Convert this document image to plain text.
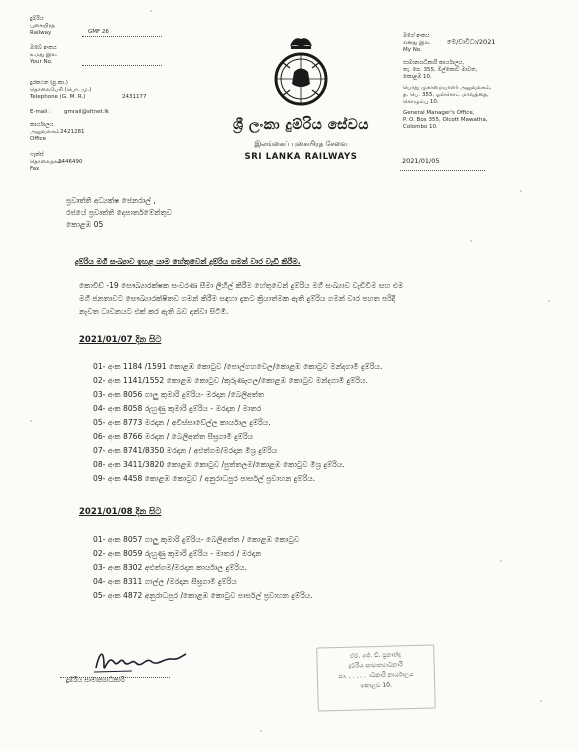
දුම්රිය
புகையிரத
Railway	GMF 26
ඔබේ අංකය
உமது இல.
Your No.
දුරකථන (පු.කා.)
தொலைபேசி (பொ. மு.)
Telephone (G. M. R.)	2431177
E-mail : gmrail@sltnet.lk
කාර්යාලය
அலுவலகம்
Office
2421281
ෆැක්ස්
தொலைநகல்
Fax
2446490
ශ්‍රී ලංකා දුම්රිය සේවය
இலங்கைப் புகையிரத சேவை
SRI LANKA RAILWAYS
මගේ අංකය
எனது இல.
My No.
මෙ/වාවිධා/2021
සාමාන්‍යාධිකාරි කාර්යාලය,
තැ. පෙ. 355, ඕල්කොට් මාවත,
කොළඹ 10.
பொது முகாமையாளர் அலுவலகம்,
த. பெ. 355, ஓல்கொட் மாவத்தை,
கொழும்பு 10.
General Manager's Office,
P. O. Box 355, Olcott Mawatha,
Colombo 10.
2021/01/05
ප්‍රවෘත්ති අධ්‍යක්ෂ ජෙනරාල් ,
රජයේ ප්‍රවෘත්ති දෙපාර්තමේන්තුව
කොළඹ 05
දුම්රිය මගී සංඛ්‍යාව ඉහළ යාම හේතුවෙන් දුම්රිය ගමන් වාර වැඩි කිරීම.
කොවිඩ් -19 සෞඛ්‍යාරක්ෂක සංවරණ සීමා ලිහිල් කිරීම හේතුවෙන් දුම්රිය මගී සංඛ්‍යාව වැඩිවීම සහ එම
මගී ජනතාවට සෞඛ්‍යාරක්ෂිතව ගමන් කිරීම සඳහා දැනට ක්‍රියාත්මක ඇති දුම්රිය ගමන් වාර පහත පරිදි
නැවත ධාවනයට එක් කර ඇති බව දන්වා සිටිමි.
2021/01/07 දින සිට
01- අංක 1184 /1591 කොළඹ කොටුව /පොල්ගහවෙල/කොළඹ කොටුව මන්දගාමී දුම්රිය.
02- අංක 1141/1552 කොළඹ කොටුව /කුරුණෑගල/කොළඹ කොටුව මන්දගාමී දුම්රිය.
03- අංක 8056 ගාලු කුමාරි දුම්රිය- මරදාන /බෙලිඅත්ත
04- අංක 8058 රුහුණු කුමාරි දුම්රිය - මරදාන / මාතර
05- අංක 8773 මරදාන / අවිස්සාවේල්ල කාර්යාල දුම්රිය.
06- අංක 8766 මරදාන / බෙලිඅත්ත සීඝ්‍රගාමී දුම්රිය
07- අංක 8741/8350 මරදාන / අළුත්ගම/මරදාන මිශ්‍ර දුම්රිය
08- අංක 3411/3820 කොළඹ කොටුව /පුත්තලම/කොළඹ කොටුව මිශ්‍ර දුම්රිය.
09- අංක 4458 කොළඹ කොටුව / අනුරාධපුර පාර්සල් ප්‍රවාහන දුම්රිය.
2021/01/08 දින සිට
01- අංක 8057 ගාලු කුමාරි දුම්රිය- බෙලිඅත්ත / කොළඹ කොටුව
02- අංක 8059 රුහුණු කුමාරි දුම්රිය - මාතර / මරදාන
03- අංක 8302 අළුත්ගම/මරදාන කාර්යාල දුම්රිය.
04- අංක 8311 ගාල්ල /මරදාන සීඝ්‍රගාමී දුම්රිය
05- අංක 4872 අනුරාධපුර /කොළඹ කොටුව පාර්සල් ප්‍රවාහන දුම්රිය.
දුම්රිය සාමාන්‍යාධිකාරි
එම්. ජේ. ඩී. ප්‍රනාන්දු
දුම්රිය සාමාන්‍යාධිකාරි
සා. . . . . . ාධිකාරි කාර්යාලය
කොළඹ 10.
